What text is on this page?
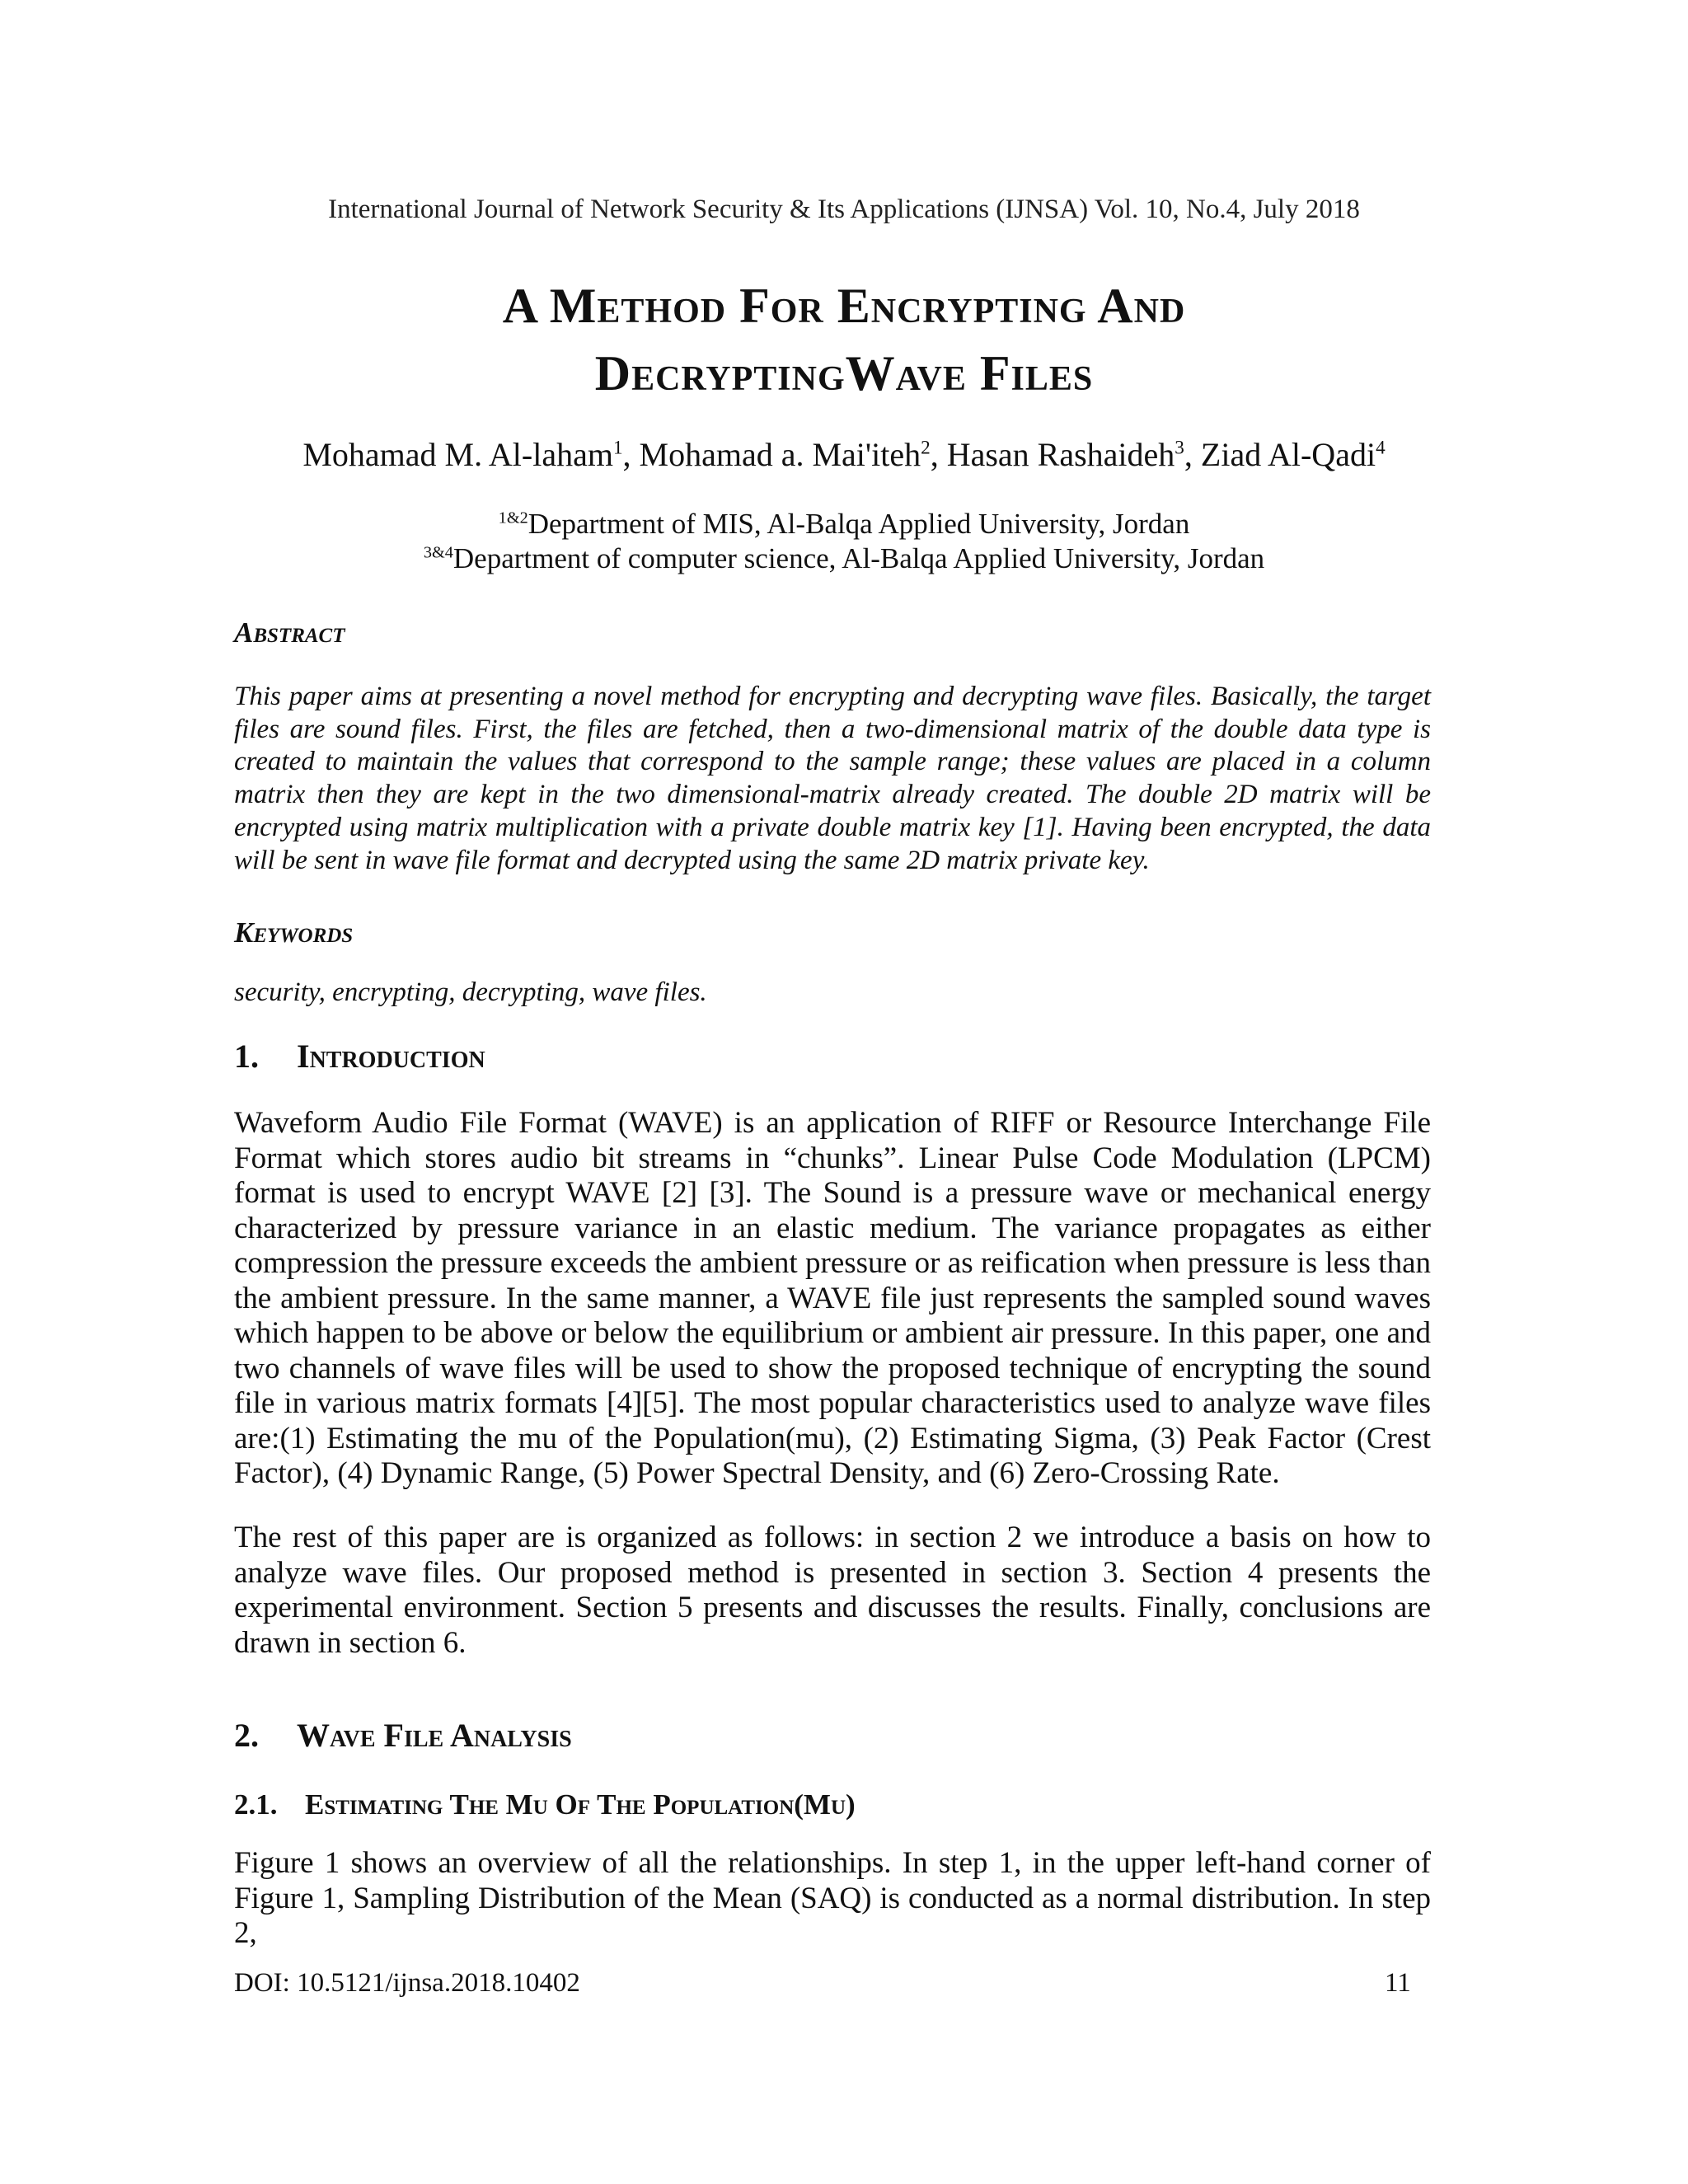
International Journal of Network Security & Its Applications (IJNSA) Vol. 10, No.4, July 2018
A Method For Encrypting And
DecryptingWave Files
Mohamad M. Al-laham$^1$, Mohamad a. Mai'iteh$^2$, Hasan Rashaideh$^3$, Ziad Al-Qadi$^4$
$^{1\&2}$Department of MIS, Al-Balqa Applied University, Jordan
$^{3\&4}$Department of computer science, Al-Balqa Applied University, Jordan
Abstract

This paper aims at presenting a novel method for encrypting and decrypting wave files. Basically, the target files are sound files. First, the files are fetched, then a two-dimensional matrix of the double data type is created to maintain the values that correspond to the sample range; these values are placed in a column matrix then they are kept in the two dimensional-matrix already created. The double 2D matrix will be encrypted using matrix multiplication with a private double matrix key [1]. Having been encrypted, the data will be sent in wave file format and decrypted using the same 2D matrix private key.

Keywords
security, encrypting, decrypting, wave files.
1. Introduction

Waveform Audio File Format (WAVE) is an application of RIFF or Resource Interchange File Format which stores audio bit streams in “chunks”. Linear Pulse Code Modulation (LPCM) format is used to encrypt WAVE [2] [3]. The Sound is a pressure wave or mechanical energy characterized by pressure variance in an elastic medium. The variance propagates as either compression the pressure exceeds the ambient pressure or as reification when pressure is less than the ambient pressure. In the same manner, a WAVE file just represents the sampled sound waves which happen to be above or below the equilibrium or ambient air pressure. In this paper, one and two channels of wave files will be used to show the proposed technique of encrypting the sound file in various matrix formats [4][5]. The most popular characteristics used to analyze wave files are:(1) Estimating the mu of the Population(mu), (2) Estimating Sigma, (3) Peak Factor (Crest Factor), (4) Dynamic Range, (5) Power Spectral Density, and (6) Zero-Crossing Rate.

The rest of this paper are is organized as follows: in section 2 we introduce a basis on how to analyze wave files. Our proposed method is presented in section 3. Section 4 presents the experimental environment. Section 5 presents and discusses the results. Finally, conclusions are drawn in section 6.

2. Wave File Analysis
2.1. Estimating The Mu Of The Population(Mu)

Figure 1 shows an overview of all the relationships. In step 1, in the upper left-hand corner of Figure 1, Sampling Distribution of the Mean (SAQ) is conducted as a normal distribution. In step 2,

DOI: 10.5121/ijnsa.2018.10402	11
